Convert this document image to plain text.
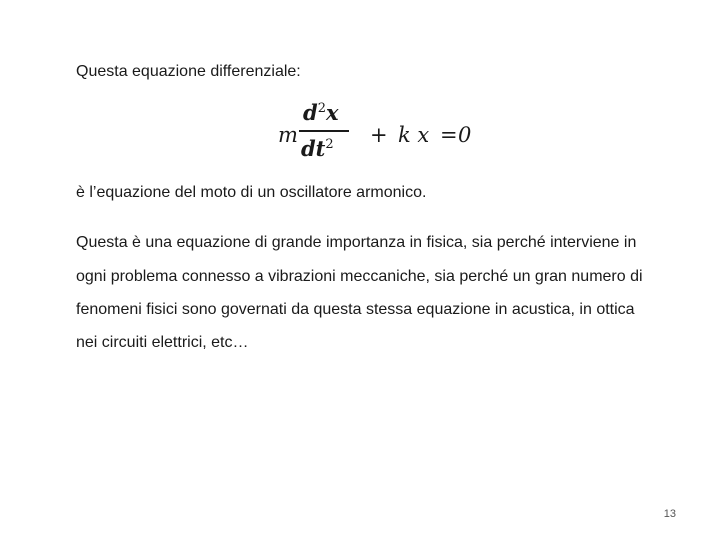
Questa equazione differenziale:
m
$d^2x$
$dt^2 + k$ x = 0
è l’equazione del moto di un oscillatore armonico.
Questa è una equazione di grande importanza in fisica, sia perché interviene in
ogni problema connesso a vibrazioni meccaniche, sia perché un gran numero di
fenomeni fisici sono governati da questa stessa equazione in acustica, in ottica
nei circuiti elettrici, etc…
13
